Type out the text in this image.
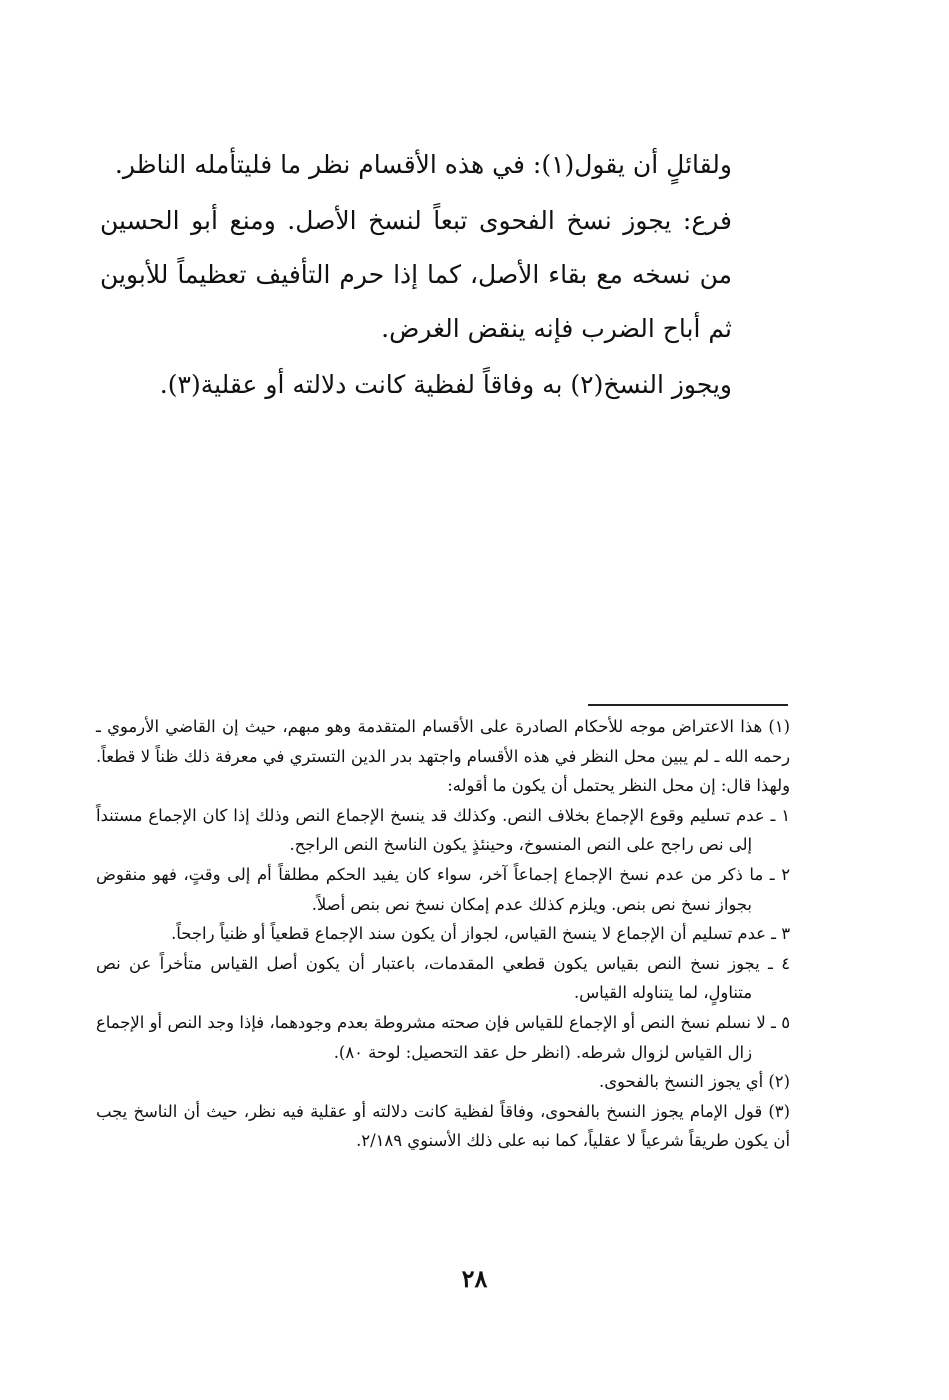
ولقائلٍ أن يقول(١): في هذه الأقسام نظر ما فليتأمله الناظر.

فرع: يجوز نسخ الفحوى تبعاً لنسخ الأصل. ومنع أبو الحسين من نسخه مع بقاء الأصل، كما إذا حرم التأفيف تعظيماً للأبوين ثم أباح الضرب فإنه ينقض الغرض.

ويجوز النسخ(٢) به وفاقاً لفظية كانت دلالته أو عقلية(٣).

(١) هذا الاعتراض موجه للأحكام الصادرة على الأقسام المتقدمة وهو مبهم، حيث إن القاضي الأرموي ـ رحمه الله ـ لم يبين محل النظر في هذه الأقسام واجتهد بدر الدين التستري في معرفة ذلك ظناً لا قطعاً. ولهذا قال: إن محل النظر يحتمل أن يكون ما أقوله:

١ ـ عدم تسليم وقوع الإجماع بخلاف النص. وكذلك قد ينسخ الإجماع النص وذلك إذا كان الإجماع مستنداً إلى نص راجح على النص المنسوخ، وحينئذٍ يكون الناسخ النص الراجح.

٢ ـ ما ذكر من عدم نسخ الإجماع إجماعاً آخر، سواء كان يفيد الحكم مطلقاً أم إلى وقتٍ، فهو منقوض بجواز نسخ نص بنص. ويلزم كذلك عدم إمكان نسخ نص بنص أصلاً.

٣ ـ عدم تسليم أن الإجماع لا ينسخ القياس، لجواز أن يكون سند الإجماع قطعياً أو ظنياً راجحاً.

٤ ـ يجوز نسخ النص بقياس يكون قطعي المقدمات، باعتبار أن يكون أصل القياس متأخراً عن نص متناولٍ، لما يتناوله القياس.

٥ ـ لا نسلم نسخ النص أو الإجماع للقياس فإن صحته مشروطة بعدم وجودهما، فإذا وجد النص أو الإجماع زال القياس لزوال شرطه. (انظر حل عقد التحصيل: لوحة ٨٠).

(٢) أي يجوز النسخ بالفحوى.

(٣) قول الإمام يجوز النسخ بالفحوى، وفاقاً لفظية كانت دلالته أو عقلية فيه نظر، حيث أن الناسخ يجب أن يكون طريقاً شرعياً لا عقلياً، كما نبه على ذلك الأسنوي ٢/١٨٩.

٢٨
